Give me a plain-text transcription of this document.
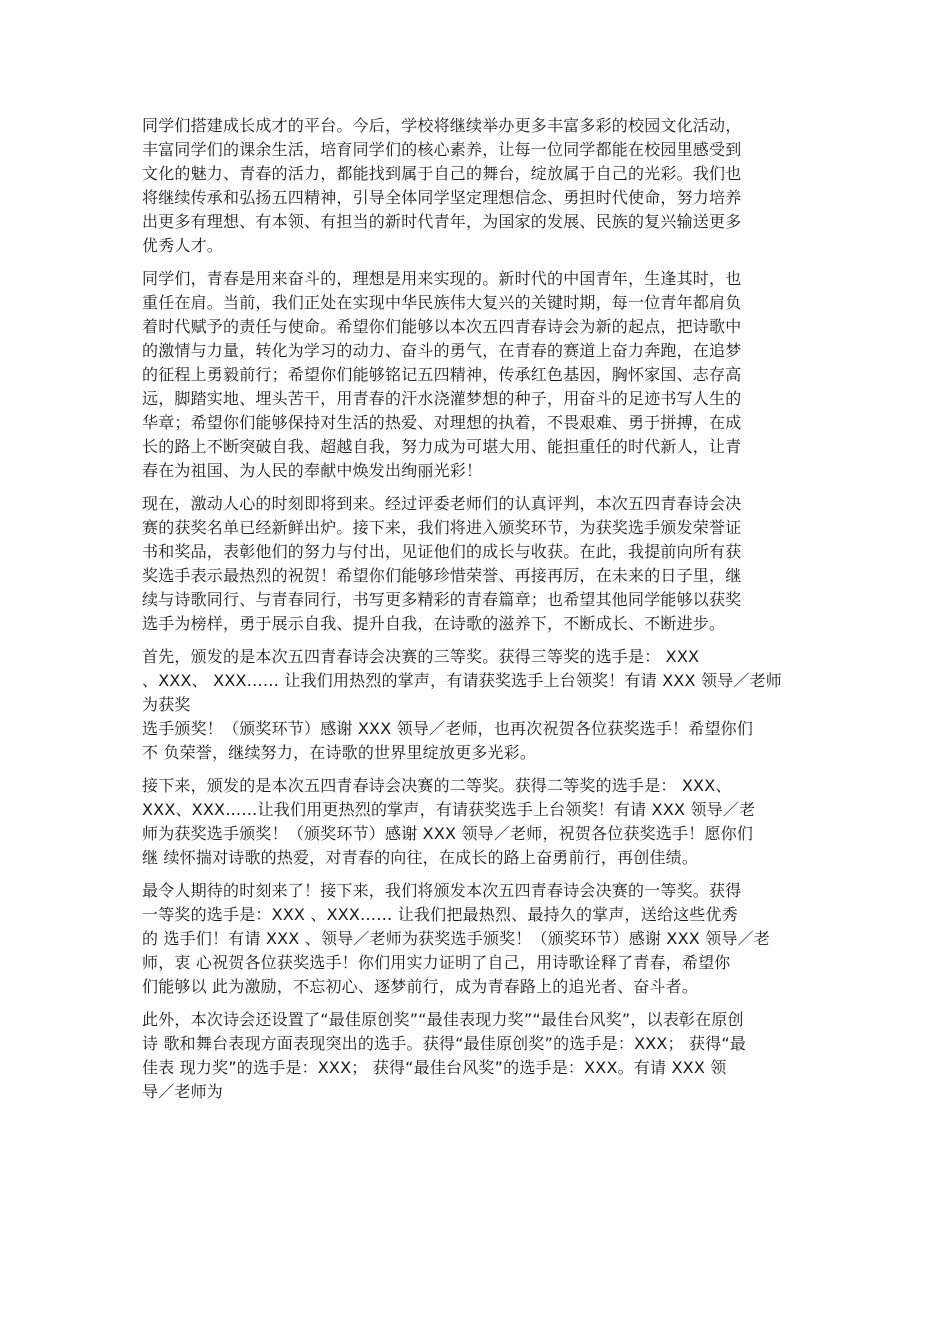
同学们搭建成长成才的平台。今后，学校将继续举办更多丰富多彩的校园文化活动，
丰富同学们的课余生活，培育同学们的核心素养，让每一位同学都能在校园里感受到
文化的魅力、青春的活力，都能找到属于自己的舞台，绽放属于自己的光彩。我们也
将继续传承和弘扬五四精神，引导全体同学坚定理想信念、勇担时代使命，努力培养
出更多有理想、有本领、有担当的新时代青年，为国家的发展、民族的复兴输送更多
优秀人才。

同学们，青春是用来奋斗的，理想是用来实现的。新时代的中国青年，生逢其时，也
重任在肩。当前，我们正处在实现中华民族伟大复兴的关键时期，每一位青年都肩负
着时代赋予的责任与使命。希望你们能够以本次五四青春诗会为新的起点，把诗歌中
的激情与力量，转化为学习的动力、奋斗的勇气，在青春的赛道上奋力奔跑，在追梦
的征程上勇毅前行；希望你们能够铭记五四精神，传承红色基因，胸怀家国、志存高
远，脚踏实地、埋头苦干，用青春的汗水浇灌梦想的种子，用奋斗的足迹书写人生的
华章；希望你们能够保持对生活的热爱、对理想的执着，不畏艰难、勇于拼搏，在成
长的路上不断突破自我、超越自我，努力成为可堪大用、能担重任的时代新人，让青
春在为祖国、为人民的奉献中焕发出绚丽光彩！

现在，激动人心的时刻即将到来。经过评委老师们的认真评判，本次五四青春诗会决
赛的获奖名单已经新鲜出炉。接下来，我们将进入颁奖环节，为获奖选手颁发荣誉证
书和奖品，表彰他们的努力与付出，见证他们的成长与收获。在此，我提前向所有获
奖选手表示最热烈的祝贺！希望你们能够珍惜荣誉、再接再厉，在未来的日子里，继
续与诗歌同行、与青春同行，书写更多精彩的青春篇章；也希望其他同学能够以获奖
选手为榜样，勇于展示自我、提升自我，在诗歌的滋养下，不断成长、不断进步。

首先，颁发的是本次五四青春诗会决赛的三等奖。获得三等奖的选手是： XXX
、XXX、 XXX…… 让我们用热烈的掌声，有请获奖选手上台领奖！有请 XXX 领导／老师
为获奖
选手颁奖！（颁奖环节）感谢 XXX 领导／老师，也再次祝贺各位获奖选手！希望你们
不 负荣誉，继续努力，在诗歌的世界里绽放更多光彩。

接下来，颁发的是本次五四青春诗会决赛的二等奖。获得二等奖的选手是： XXX、
XXX、XXX……让我们用更热烈的掌声，有请获奖选手上台领奖！有请 XXX 领导／老
师为获奖选手颁奖！（颁奖环节）感谢 XXX 领导／老师，祝贺各位获奖选手！愿你们
继 续怀揣对诗歌的热爱，对青春的向往，在成长的路上奋勇前行，再创佳绩。

最令人期待的时刻来了！接下来，我们将颁发本次五四青春诗会决赛的一等奖。获得
一等奖的选手是：XXX 、XXX…… 让我们把最热烈、最持久的掌声，送给这些优秀
的 选手们！有请 XXX 、领导／老师为获奖选手颁奖！（颁奖环节）感谢 XXX 领导／老
师，衷 心祝贺各位获奖选手！你们用实力证明了自己，用诗歌诠释了青春，希望你
们能够以 此为激励，不忘初心、逐梦前行，成为青春路上的追光者、奋斗者。

此外，本次诗会还设置了“最佳原创奖”“最佳表现力奖”“最佳台风奖”，以表彰在原创
诗 歌和舞台表现方面表现突出的选手。获得“最佳原创奖”的选手是：XXX； 获得“最
佳表 现力奖”的选手是：XXX； 获得“最佳台风奖”的选手是：XXX。有请 XXX 领
导／老师为
